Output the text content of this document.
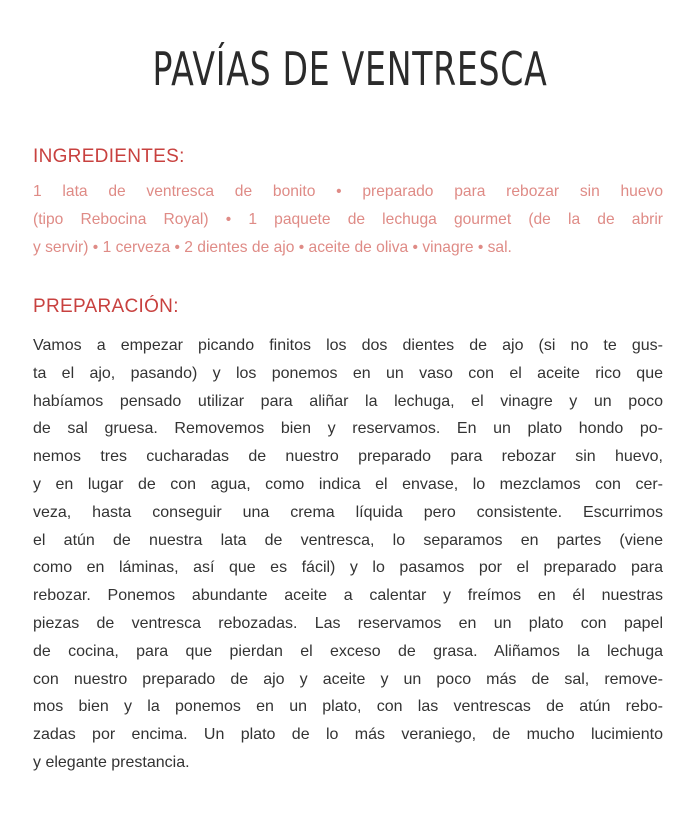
PAVÍAS DE VENTRESCA
INGREDIENTES:
1 lata de ventresca de bonito • preparado para rebozar sin huevo
(tipo Rebocina Royal) • 1 paquete de lechuga gourmet (de la de abrir
y servir) • 1 cerveza • 2 dientes de ajo • aceite de oliva • vinagre • sal.
PREPARACIÓN:
Vamos a empezar picando finitos los dos dientes de ajo (si no te gus-
ta el ajo, pasando) y los ponemos en un vaso con el aceite rico que
habíamos pensado utilizar para aliñar la lechuga, el vinagre y un poco
de sal gruesa. Removemos bien y reservamos. En un plato hondo po-
nemos tres cucharadas de nuestro preparado para rebozar sin huevo,
y en lugar de con agua, como indica el envase, lo mezclamos con cer-
veza, hasta conseguir una crema líquida pero consistente. Escurrimos
el atún de nuestra lata de ventresca, lo separamos en partes (viene
como en láminas, así que es fácil) y lo pasamos por el preparado para
rebozar. Ponemos abundante aceite a calentar y freímos en él nuestras
piezas de ventresca rebozadas. Las reservamos en un plato con papel
de cocina, para que pierdan el exceso de grasa. Aliñamos la lechuga
con nuestro preparado de ajo y aceite y un poco más de sal, remove-
mos bien y la ponemos en un plato, con las ventrescas de atún rebo-
zadas por encima. Un plato de lo más veraniego, de mucho lucimiento
y elegante prestancia.
